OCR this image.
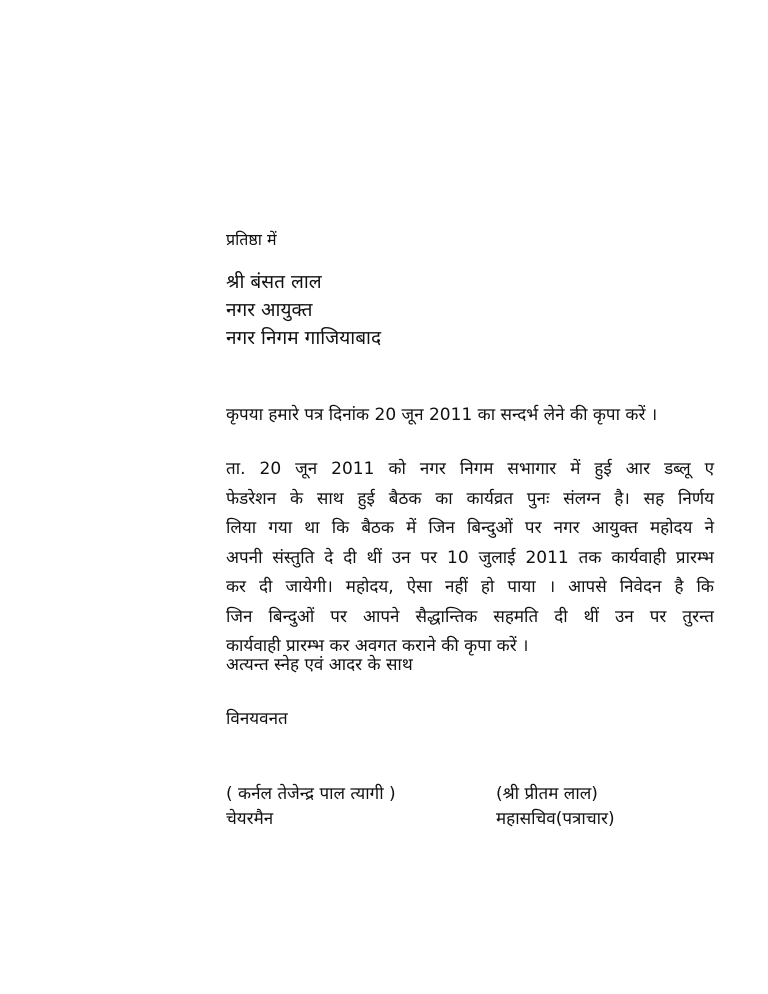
प्रतिष्ठा में
श्री बंसत लाल
नगर आयुक्त
नगर निगम गाजियाबाद
कृपया हमारे पत्र दिनांक 20 जून 2011 का सन्दर्भ लेने की कृपा करें ।
ता. 20 जून 2011 को नगर निगम सभागार में हुई आर डब्लू ए
फेडरेशन के साथ हुई बैठक का कार्यव्रत पुनः संलग्न है। सह निर्णय
लिया गया था कि बैठक में जिन बिन्दुओं पर नगर आयुक्त महोदय ने
अपनी संस्तुति दे दी थीं उन पर 10 जुलाई 2011 तक कार्यवाही प्रारम्भ
कर दी जायेगी। महोदय, ऐसा नहीं हो पाया । आपसे निवेदन है कि
जिन बिन्दुओं पर आपने सैद्धान्तिक सहमति दी थीं उन पर तुरन्त
कार्यवाही प्रारम्भ कर अवगत कराने की कृपा करें ।
अत्यन्त स्नेह एवं आदर के साथ
विनयवनत
( कर्नल तेजेन्द्र पाल त्यागी )
चेयरमैन
(श्री प्रीतम लाल)
महासचिव(पत्राचार)
